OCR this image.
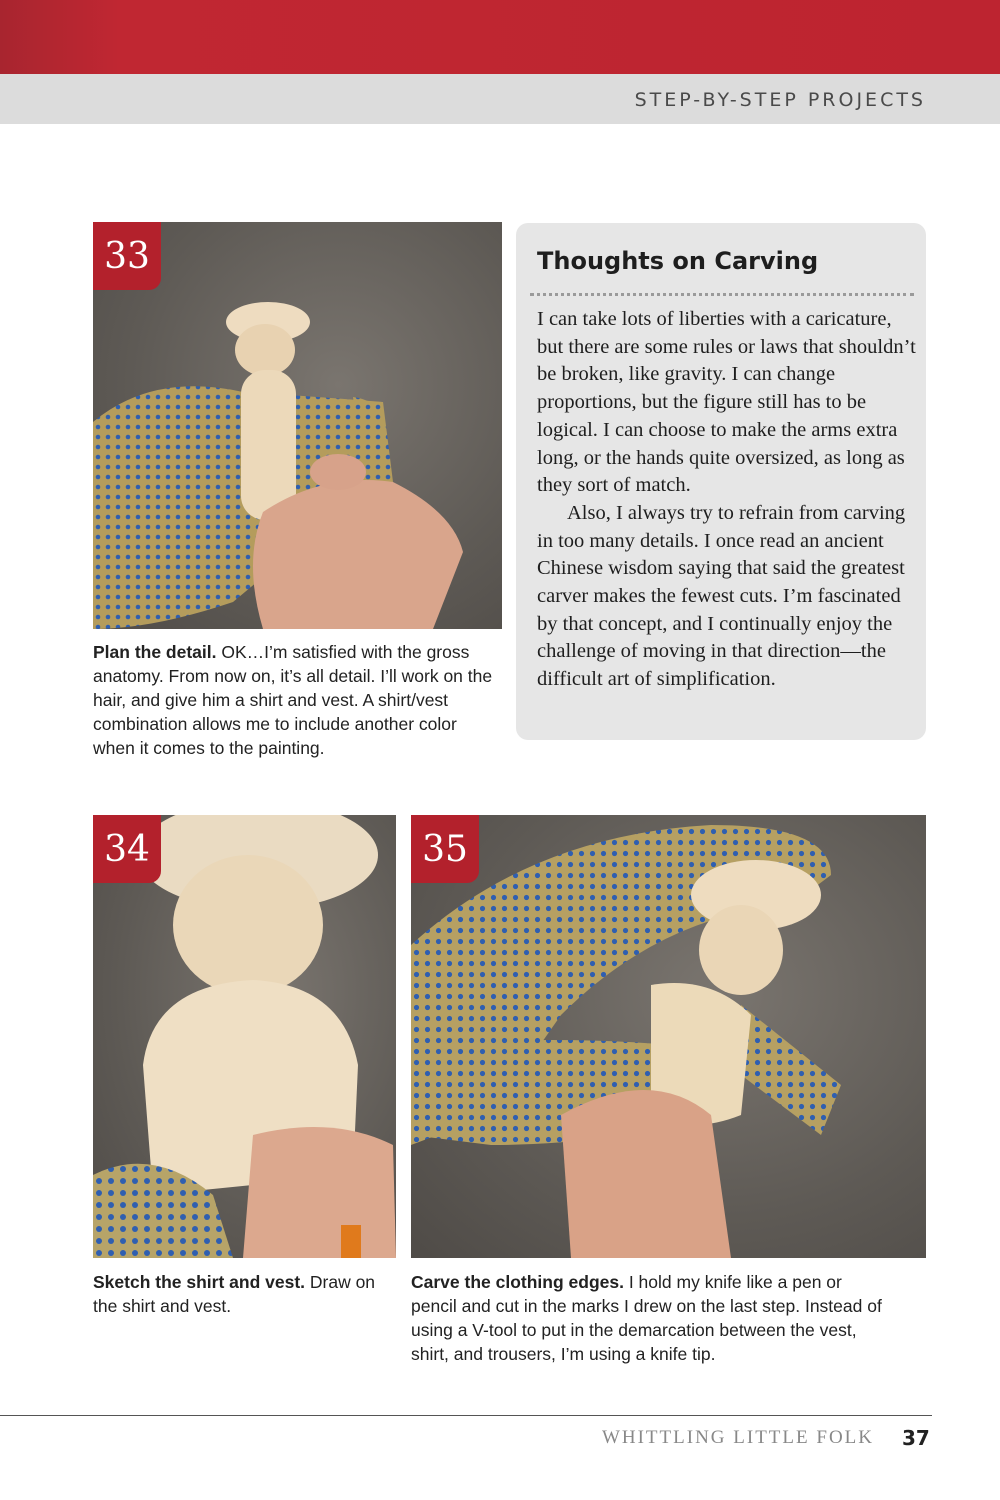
STEP-BY-STEP PROJECTS
33
Plan the detail. OK…I’m satisfied with the gross anatomy. From now on, it’s all detail. I’ll work on the hair, and give him a shirt and vest. A shirt/vest combination allows me to include another color when it comes to the painting.
Thoughts on Carving

I can take lots of liberties with a caricature, but there are some rules or laws that shouldn’t be broken, like gravity. I can change proportions, but the figure still has to be logical. I can choose to make the arms extra long, or the hands quite oversized, as long as they sort of match.

Also, I always try to refrain from carving in too many details. I once read an ancient Chinese wisdom saying that said the greatest carver makes the fewest cuts. I’m fascinated by that concept, and I continually enjoy the challenge of moving in that direction—the difficult art of simplification.

34
Sketch the shirt and vest. Draw on the shirt and vest.
35
Carve the clothing edges. I hold my knife like a pen or pencil and cut in the marks I drew on the last step. Instead of using a V-tool to put in the demarcation between the vest, shirt, and trousers, I’m using a knife tip.
WHITTLING LITTLE FOLK 37
